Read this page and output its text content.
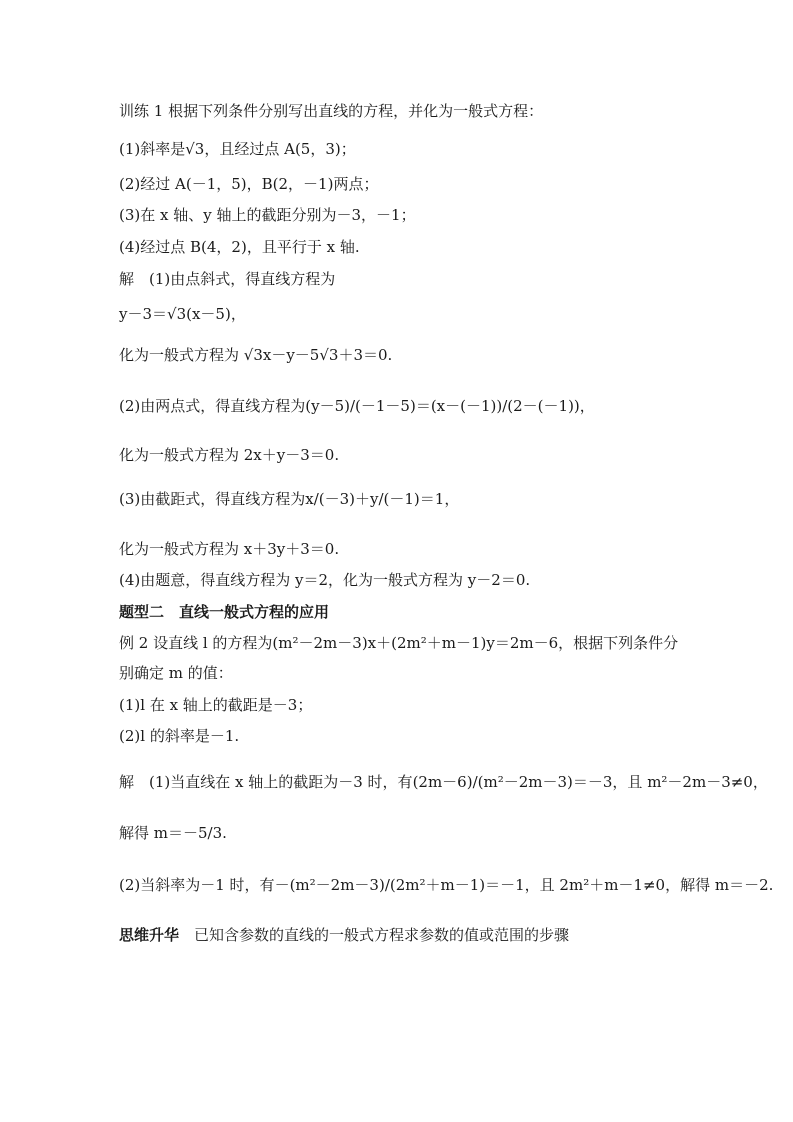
训练 1 根据下列条件分别写出直线的方程，并化为一般式方程：
(1)斜率是√3，且经过点 A(5，3)；
(2)经过 A(－1，5)，B(2，－1)两点；
(3)在 x 轴、y 轴上的截距分别为－3，－1；
(4)经过点 B(4，2)，且平行于 x 轴.
解　(1)由点斜式，得直线方程为
y－3＝√3(x－5)，
化为一般式方程为 √3x－y－5√3＋3＝0.
(2)由两点式，得直线方程为(y－5)/(－1－5)＝(x－(－1))/(2－(－1))，
化为一般式方程为 2x＋y－3＝0.
(3)由截距式，得直线方程为x/(－3)＋y/(－1)＝1，
化为一般式方程为 x＋3y＋3＝0.
(4)由题意，得直线方程为 y＝2，化为一般式方程为 y－2＝0.
题型二　直线一般式方程的应用
例 2 设直线 l 的方程为(m²－2m－3)x＋(2m²＋m－1)y＝2m－6，根据下列条件分
别确定 m 的值：
(1)l 在 x 轴上的截距是－3；
(2)l 的斜率是－1.
解　(1)当直线在 x 轴上的截距为－3 时，有(2m－6)/(m²－2m－3)＝－3，且 m²－2m－3≠0，
解得 m＝－5/3.
(2)当斜率为－1 时，有－(m²－2m－3)/(2m²＋m－1)＝－1，且 2m²＋m－1≠0，解得 m＝－2.
思维升华　 已知含参数的直线的一般式方程求参数的值或范围的步骤
